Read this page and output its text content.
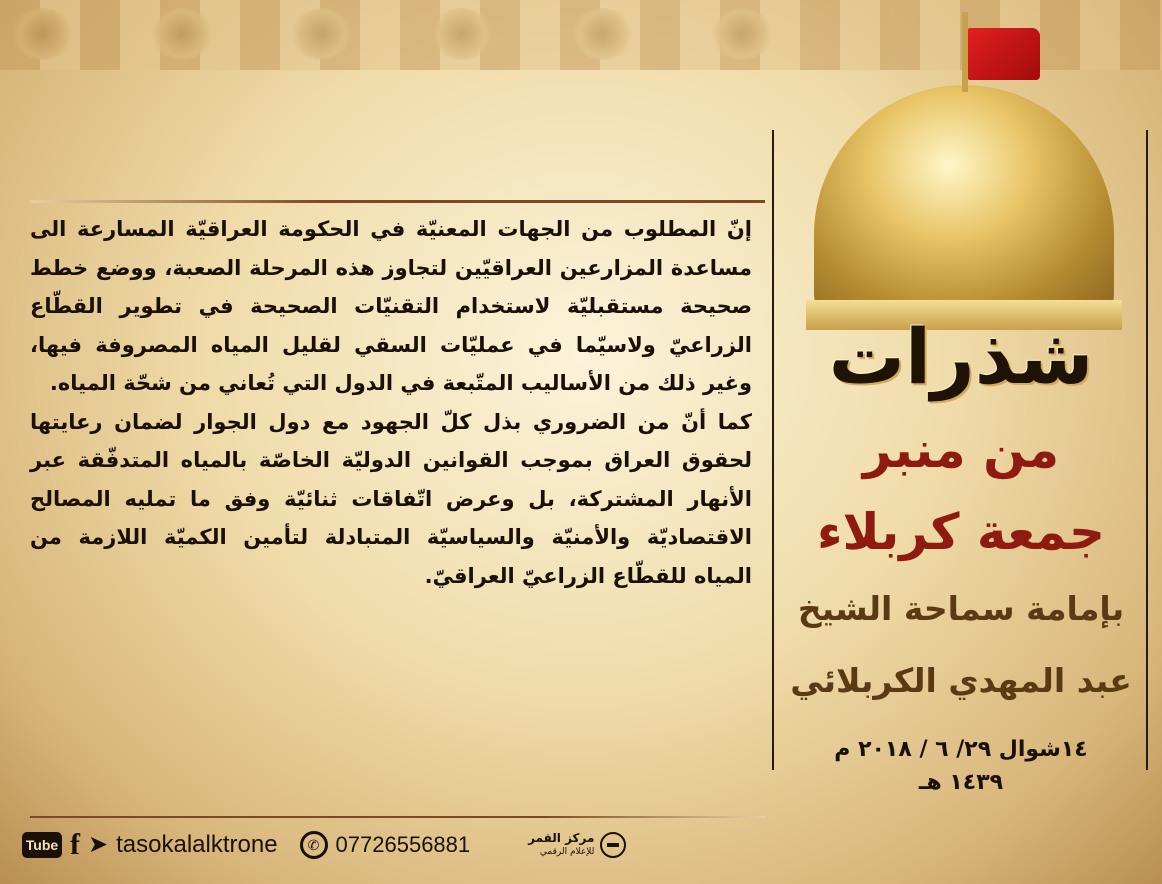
إنّ المطلوب من الجهات المعنيّة في الحكومة العراقيّة المسارعة الى مساعدة المزارعين العراقيّين لتجاوز هذه المرحلة الصعبة، ووضع خطط صحيحة مستقبليّة لاستخدام التقنيّات الصحيحة في تطوير القطّاع الزراعيّ ولاسيّما في عمليّات السقي لقليل المياه المصروفة فيها، وغير ذلك من الأساليب المتّبعة في الدول التي تُعاني من شحّة المياه.

كما أنّ من الضروري بذل كلّ الجهود مع دول الجوار لضمان رعايتها لحقوق العراق بموجب القوانين الدوليّة الخاصّة بالمياه المتدفّقة عبر الأنهار المشتركة، بل وعرض اتّفاقات ثنائيّة وفق ما تمليه المصالح الاقتصاديّة والأمنيّة والسياسيّة المتبادلة لتأمين الكميّة اللازمة من المياه للقطّاع الزراعيّ العراقيّ.

شذرات
من منبر
جمعة كربلاء
بإمامة سماحة الشيخ
عبد المهدي الكربلائي
١٤شوال ٢٩/ ٦ / ٢٠١٨ م
١٤٣٩ هـ
Tube f ➤ tasokalalktrone	✆ 07726556881	مركز القمر
للإعلام الرقمي
